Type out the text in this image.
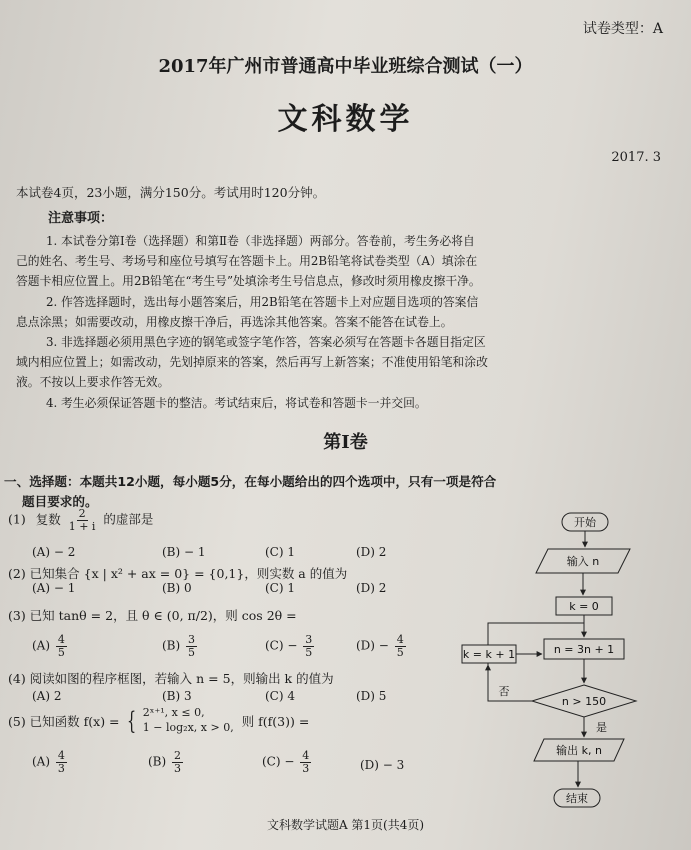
试卷类型：A
2017年广州市普通高中毕业班综合测试（一）
文科数学
2017. 3
本试卷4页，23小题，满分150分。考试用时120分钟。
注意事项：
1. 本试卷分第Ⅰ卷（选择题）和第Ⅱ卷（非选择题）两部分。答卷前，考生务必将自
己的姓名、考生号、考场号和座位号填写在答题卡上。用2B铅笔将试卷类型（A）填涂在
答题卡相应位置上。用2B铅笔在“考生号”处填涂考生号信息点，修改时须用橡皮擦干净。
2. 作答选择题时，选出每小题答案后，用2B铅笔在答题卡上对应题目选项的答案信
息点涂黑；如需要改动，用橡皮擦干净后，再选涂其他答案。答案不能答在试卷上。
3. 非选择题必须用黑色字迹的钢笔或签字笔作答，答案必须写在答题卡各题目指定区
域内相应位置上；如需改动，先划掉原来的答案，然后再写上新答案；不准使用铅笔和涂改
液。不按以上要求作答无效。
4. 考生必须保证答题卡的整洁。考试结束后，将试卷和答题卡一并交回。
第Ⅰ卷
一、选择题：本题共12小题，每小题5分，在每小题给出的四个选项中，只有一项是符合
题目要求的。
(1) 复数 $\frac{2}{1 + i}$ 的虚部是
(A) − 2	(B) − 1	(C) 1	(D) 2
(2) 已知集合 {x | x² + ax = 0} = {0,1}，则实数 a 的值为
(A) − 1	(B) 0	(C) 1	(D) 2
(3) 已知 tanθ = 2，且 θ ∈ (0, π/2)，则 cos 2θ =
$(A) \frac{4}{5}$	$(B) \frac{3}{5}$	$(C) - \frac{3}{5}$	$(D) - \frac{4}{5}$
(4) 阅读如图的程序框图，若输入 n = 5，则输出 k 的值为
(A) 2	(B) 3	(C) 4	(D) 5
(5) 已知函数 f(x) = { 2ˣ⁺¹, x ≤ 0,
1 − log₂x, x > 0, 则 f(f(3)) =
$(A) \frac{4}{3}$	$(B) \frac{2}{3}$	$(C) - \frac{4}{3}$	(D) − 3
开始
输入 n
k = 0
n = 3n + 1
k = k + 1
n > 150
否
是
输出 k, n
结束
文科数学试题A 第1页(共4页)
